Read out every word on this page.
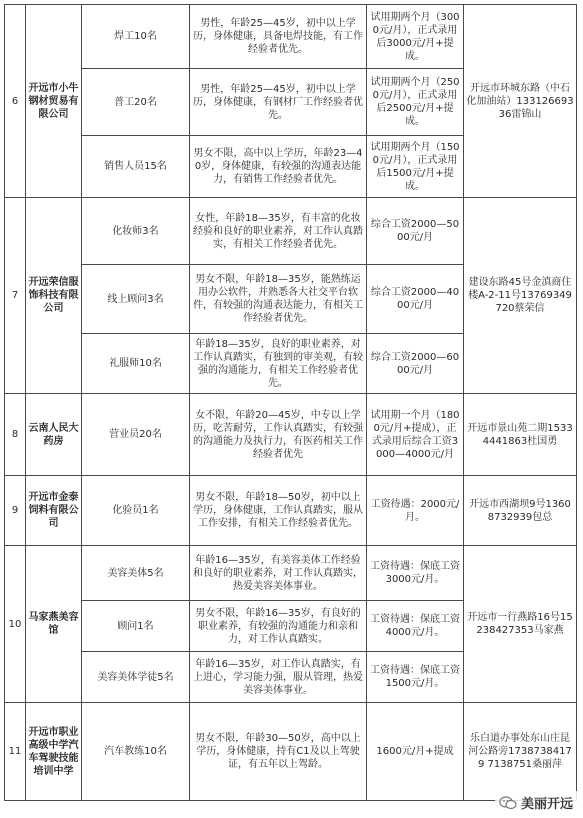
6	开远市小牛钢材贸易有限公司	焊工10名	男性，年龄25—45岁，初中以上学历，身体健康，具备电焊技能，有工作经验者优先。	试用期两个月（3000元/月），正式录用后3000元/月+提成。	开远市环城东路（中石化加油站）13312669336雷锦山
		普工20名	男性，年龄25—45岁，初中以上学历，身体健康，有钢材厂工作经验者优先。	试用期两个月（2500元/月），正式录用后2500元/月+提成。	
		销售人员15名	男女不限，高中以上学历，年龄23—40岁，身体健康，有较强的沟通表达能力，有销售工作经验者优先。	试用期两个月（1500元/月），正式录用后1500元/月+提成。	
7	开远荣信服饰科技有限公司	化妆师3名	女性，年龄18—35岁，有丰富的化妆经验和良好的职业素养，对工作认真踏实，有相关工作经验者优先。	综合工资2000—5000元/月	建设东路45号金滇商住楼A-2-11号13769349720蔡荣信
		线上顾问3名	男女不限，年龄18—35岁，能熟练运用办公软件，并熟悉各大社交平台软件，有较强的沟通表达能力，有相关工作经验者优先。	综合工资2000—4000元/月	
		礼服师10名	年龄18—35岁，良好的职业素养，对工作认真踏实，有独到的审美观，有较强的沟通能力，有相关工作经验者优先。	综合工资2000—6000元/月	
8	云南人民大药房	营业员20名	女不限，年龄20—45岁，中专以上学历，吃苦耐劳，工作认真踏实，有较强的沟通能力及执行力，有医药相关工作经验者优先	试用期一个月（1800元/月+提成），正式录用后综合工资3000—4000元/月	开远市景山苑二期15334441863杜国勇
9	开远市金泰饲料有限公司	化验员1名	男女不限，年龄18—50岁，初中以上学历，身体健康，工作认真踏实，服从工作安排，有相关工作经验者优先。	工资待遇：2000元/月。	开远市西湖坝9号13608732939包总
10	马家燕美容馆	美容美体5名	年龄16—35岁，有美容美体工作经验和良好的职业素养，对工作认真踏实，热爱美容美体事业。	工资待遇：保底工资3000元/月。	开远市一行燕路16号15238427353马家燕
		顾问1名	男女不限，年龄16—35岁，有良好的职业素养，有较强的沟通能力和亲和力，对工作认真踏实。	工资待遇：保底工资4000元/月。	
		美容美体学徒5名	年龄16—35岁，对工作认真踏实，有上进心，学习能力强，服从管理，热爱美容美体事业。	工资待遇：保底工资1500元/月。	
11	开远市职业高级中学汽车驾驶技能培训中学	汽车教练10名	男女不限，年龄30—50岁，高中以上学历，身体健康，持有C1及以上驾驶证，有五年以上驾龄。	1600元/月+提成	乐白道办事处东山庄昆河公路旁17387384179 7138751桑丽萍
美丽开远
